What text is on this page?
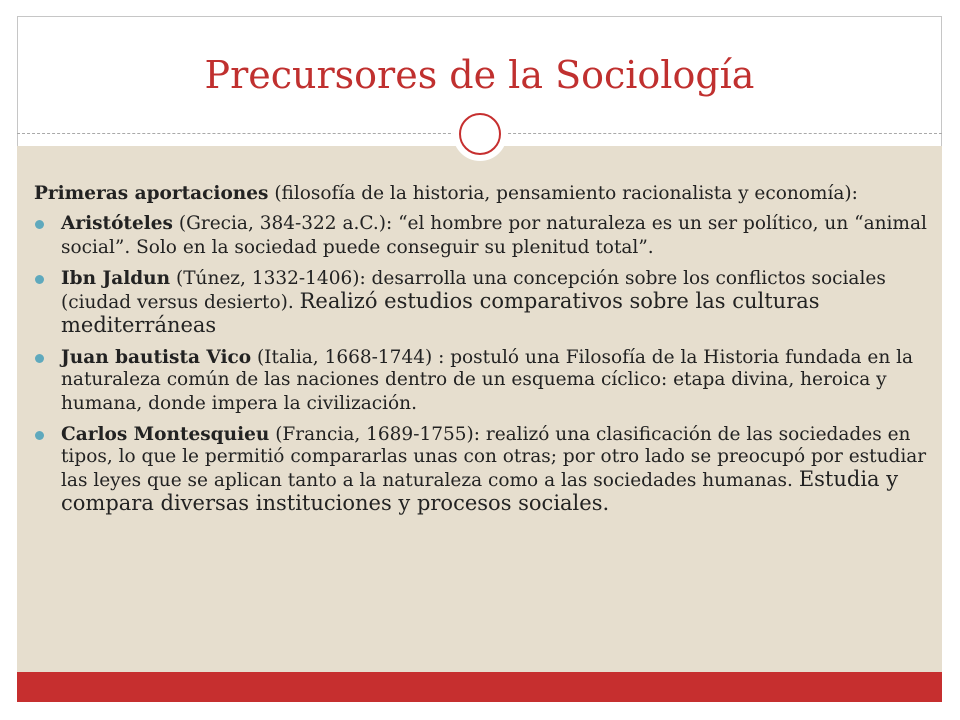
Precursores de la Sociología

Primeras aportaciones (filosofía de la historia, pensamiento racionalista y economía):

Aristóteles (Grecia, 384-322 a.C.): “el hombre por naturaleza es un ser político, un “animal social”. Solo en la sociedad puede conseguir su plenitud total”.
Ibn Jaldun (Túnez, 1332-1406): desarrolla una concepción sobre los conflictos sociales (ciudad versus desierto). Realizó estudios comparativos sobre las culturas mediterráneas
Juan bautista Vico (Italia, 1668-1744) : postuló una Filosofía de la Historia fundada en la naturaleza común de las naciones dentro de un esquema cíclico: etapa divina, heroica y humana, donde impera la civilización.
Carlos Montesquieu (Francia, 1689-1755): realizó una clasificación de las sociedades en tipos, lo que le permitió compararlas unas con otras; por otro lado se preocupó por estudiar las leyes que se aplican tanto a la naturaleza como a las sociedades humanas. Estudia y compara diversas instituciones y procesos sociales.
